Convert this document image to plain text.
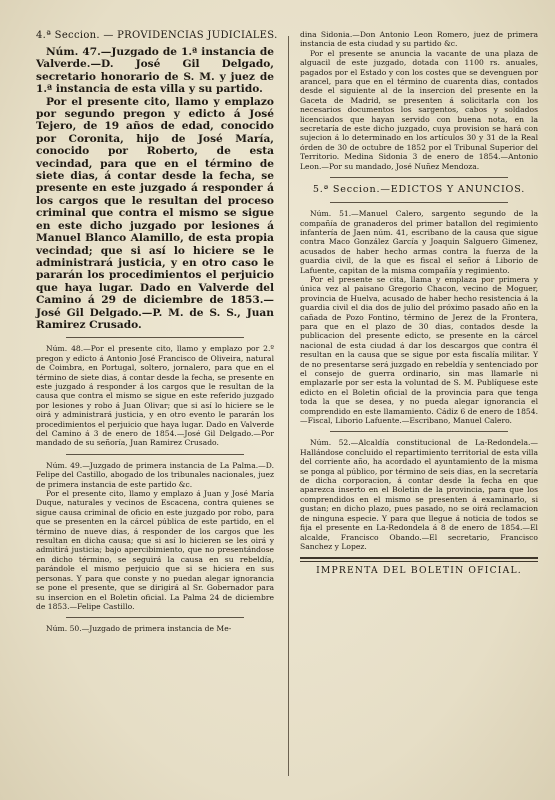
4.ª Seccion. — PROVIDENCIAS JUDICIALES.

Núm. 47.—Juzgado de 1.ª instancia de Valverde.—D. José Gil Delgado, secretario honorario de S. M. y juez de 1.ª instancia de esta villa y su partido.

Por el presente cito, llamo y emplazo por segundo pregon y edicto á José Tejero, de 19 años de edad, conocido por Coronita, hijo de José María, conocido por Roberto, de esta vecindad, para que en el término de siete dias, á contar desde la fecha, se presente en este juzgado á responder á los cargos que le resultan del proceso criminal que contra el mismo se sigue en este dicho juzgado por lesiones á Manuel Blanco Alamillo, de esta propia vecindad; que si así lo hiciere se le administrará justicia, y en otro caso le pararán los procedimientos el perjuicio que haya lugar. Dado en Valverde del Camino á 29 de diciembre de 1853.—José Gil Delgado.—P. M. de S. S., Juan Ramirez Crusado.

Núm. 48.—Por el presente cito, llamo y emplazo por 2.º pregon y edicto á Antonio José Francisco de Oliveira, natural de Coimbra, en Portugal, soltero, jornalero, para que en el término de siete dias, á contar desde la fecha, se presente en este juzgado á responder á los cargos que le resultan de la causa que contra el mismo se sigue en este referido juzgado por lesiones y robo á Juan Olivar; que si así lo hiciere se le oirá y administrará justicia, y en otro evento le pararán los procedimientos el perjuicio que haya lugar. Dado en Valverde del Camino á 3 de enero de 1854.—José Gil Delgado.—Por mandado de su señoría, Juan Ramirez Crusado.

Núm. 49.—Juzgado de primera instancia de La Palma.—D. Felipe del Castillo, abogado de los tribunales nacionales, juez de primera instancia de este partido &c.

Por el presente cito, llamo y emplazo á Juan y José María Duque, naturales y vecinos de Escacena, contra quienes se sigue causa criminal de oficio en este juzgado por robo, para que se presenten en la cárcel pública de este partido, en el término de nueve dias, á responder de los cargos que les resultan en dicha causa; que si así lo hicieren se les oirá y admitirá justicia; bajo apercibimiento, que no presentándose en dicho término, se seguirá la causa en su rebeldía, parándole el mismo perjuicio que si se hiciera en sus personas. Y para que conste y no puedan alegar ignorancia se pone el presente, que se dirigirá al Sr. Gobernador para su insercion en el Boletin oficial. La Palma 24 de diciembre de 1853.—Felipe Castillo.

Núm. 50.—Juzgado de primera instancia de Me-

dina Sidonia.—Don Antonio Leon Romero, juez de primera instancia de esta ciudad y su partido &c.

Por el presente se anuncia la vacante de una plaza de alguacil de este juzgado, dotada con 1100 rs. anuales, pagados por el Estado y con los costes que se devenguen por arancel, para que en el término de cuarenta dias, contados desde el siguiente al de la insercion del presente en la Gaceta de Madrid, se presenten á solicitarla con los necesarios documentos los sargentos, cabos y soldados licenciados que hayan servido con buena nota, en la secretaría de este dicho juzgado, cuya provision se hará con sujecion á lo determinado en los artículos 30 y 31 de la Real órden de 30 de octubre de 1852 por el Tribunal Superior del Territorio. Medina Sidonia 3 de enero de 1854.—Antonio Leon.—Por su mandado, José Nuñez Mendoza.

5.ª Seccion.—EDICTOS Y ANUNCIOS.

Núm. 51.—Manuel Calero, sargento segundo de la compañía de granaderos del primer batallon del regimiento infantería de Jaen núm. 41, escribano de la causa que sigue contra Maco González García y Joaquin Salguero Gimenez, acusados de haber hecho armas contra la fuerza de la guardia civil, de la que es fiscal el señor á Liborio de Lafuente, capitan de la misma compañía y regimiento.

Por el presente se cita, llama y emplaza por primera y única vez al paisano Gregorio Chacon, vecino de Moguer, provincia de Huelva, acusado de haber hecho resistencia á la guardia civil el dia dos de julio del próximo pasado año en la cañada de Pozo Fontino, término de Jerez de la Frontera, para que en el plazo de 30 dias, contados desde la publicacion del presente edicto, se presente en la cárcel nacional de esta ciudad á dar los descargos que contra él resultan en la causa que se sigue por esta fiscalía militar. Y de no presentarse será juzgado en rebeldía y sentenciado por el consejo de guerra ordinario, sin mas llamarle ni emplazarle por ser esta la voluntad de S. M. Publíquese este edicto en el Boletin oficial de la provincia para que tenga toda la que se desea, y no pueda alegar ignorancia el comprendido en este llamamiento. Cádiz 6 de enero de 1854.—Fiscal, Liborio Lafuente.—Escribano, Manuel Calero.

Núm. 52.—Alcaldía constitucional de La-Redondela.—Hallándose concluido el repartimiento territorial de esta villa del corriente año, ha acordado el ayuntamiento de la misma se ponga al público, por término de seis dias, en la secretaría de dicha corporacion, á contar desde la fecha en que aparezca inserto en el Boletin de la provincia, para que los comprendidos en el mismo se presenten á examinarlo, si gustan; en dicho plazo, pues pasado, no se oirá reclamacion de ninguna especie. Y para que llegue á noticia de todos se fija el presente en La-Redondela á 8 de enero de 1854.—El alcalde, Francisco Obando.—El secretario, Francisco Sanchez y Lopez.

IMPRENTA DEL BOLETIN OFICIAL.
